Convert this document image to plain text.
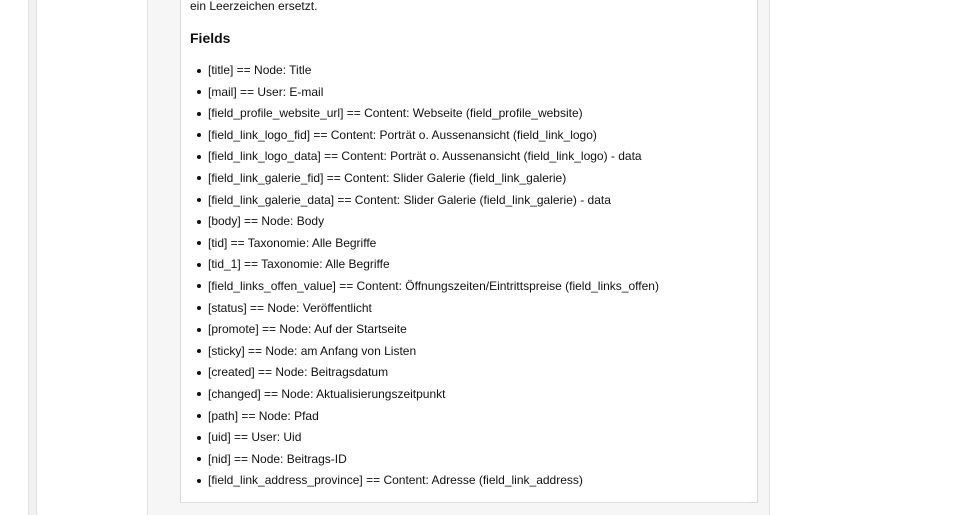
ein Leerzeichen ersetzt.
Fields
[title] == Node: Title
[mail] == User: E-mail
[field_profile_website_url] == Content: Webseite (field_profile_website)
[field_link_logo_fid] == Content: Porträt o. Aussenansicht (field_link_logo)
[field_link_logo_data] == Content: Porträt o. Aussenansicht (field_link_logo) - data
[field_link_galerie_fid] == Content: Slider Galerie (field_link_galerie)
[field_link_galerie_data] == Content: Slider Galerie (field_link_galerie) - data
[body] == Node: Body
[tid] == Taxonomie: Alle Begriffe
[tid_1] == Taxonomie: Alle Begriffe
[field_links_offen_value] == Content: Öffnungszeiten/Eintrittspreise (field_links_offen)
[status] == Node: Veröffentlicht
[promote] == Node: Auf der Startseite
[sticky] == Node: am Anfang von Listen
[created] == Node: Beitragsdatum
[changed] == Node: Aktualisierungszeitpunkt
[path] == Node: Pfad
[uid] == User: Uid
[nid] == Node: Beitrags-ID
[field_link_address_province] == Content: Adresse (field_link_address)
